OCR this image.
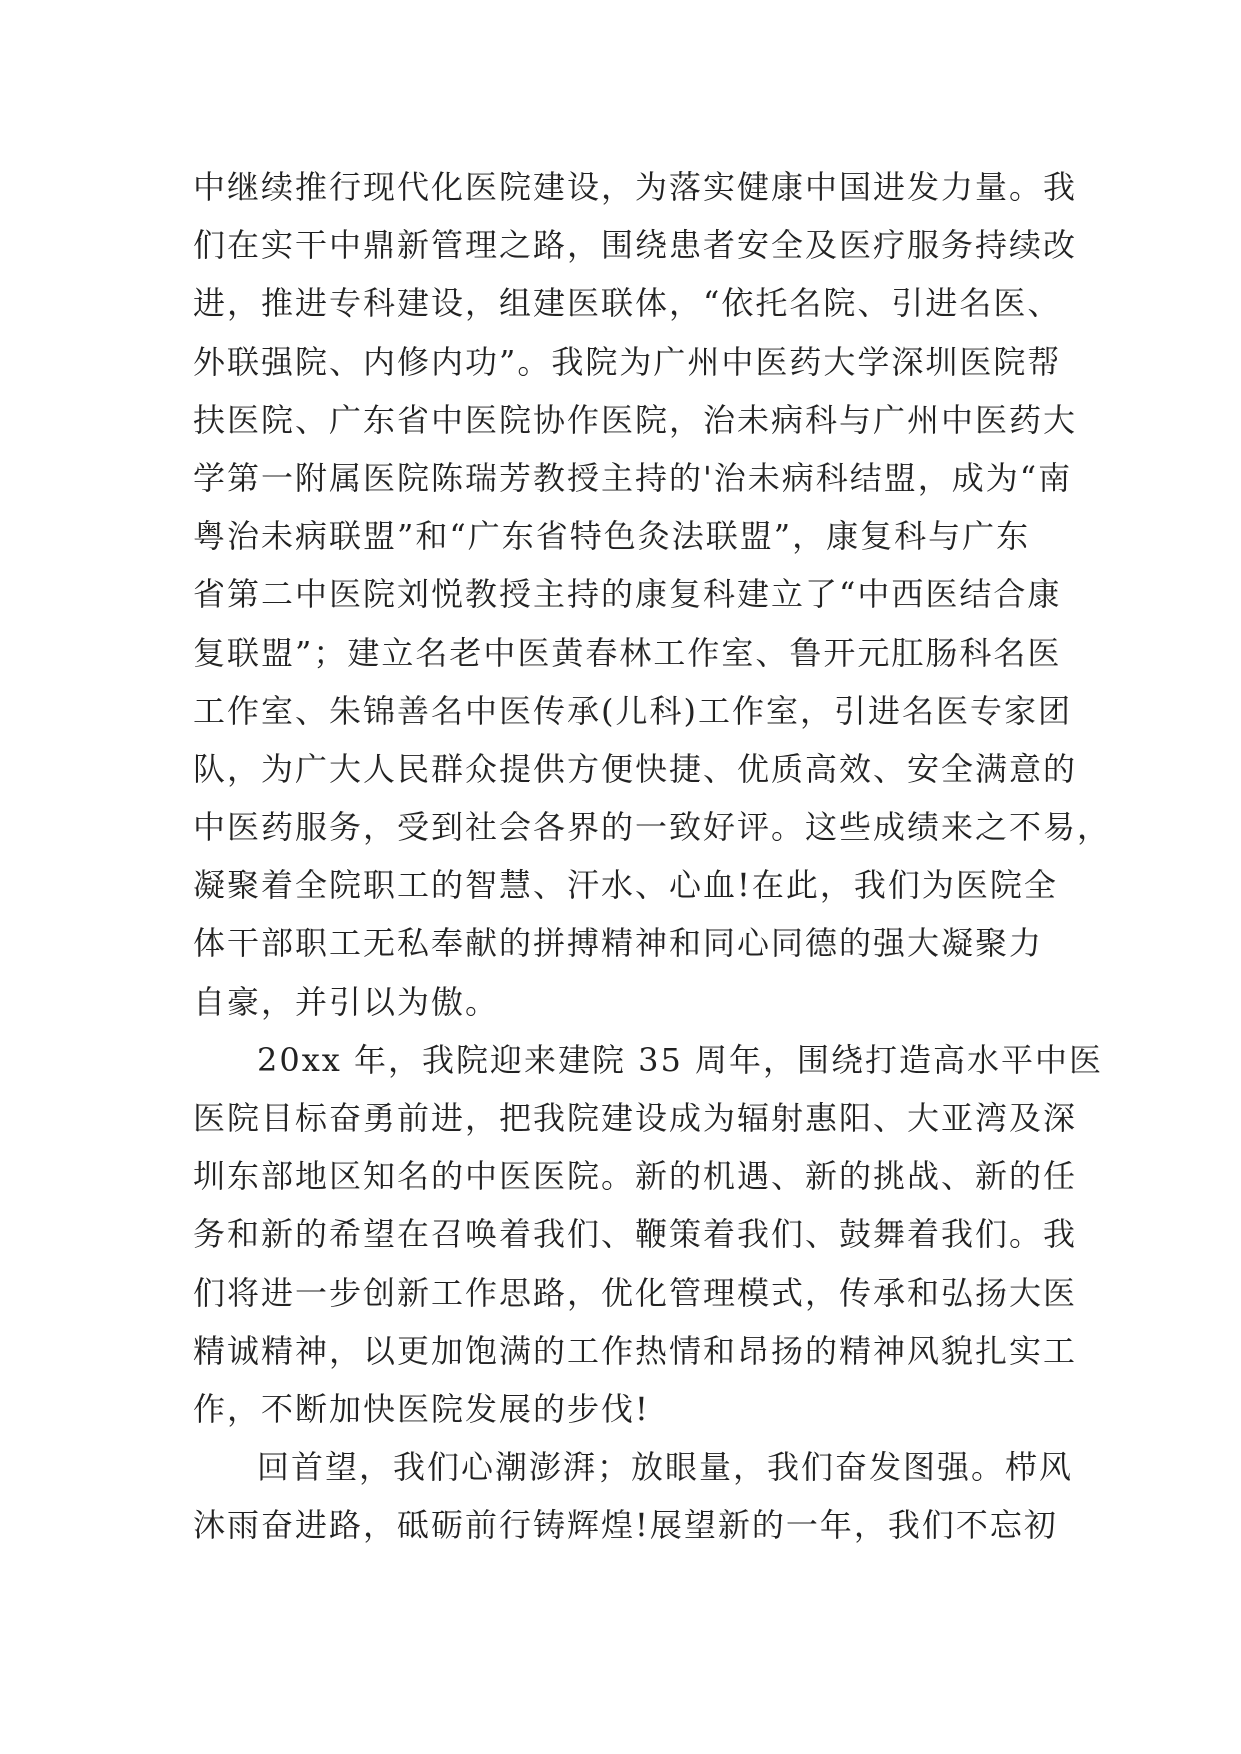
中继续推行现代化医院建设，为落实健康中国进发力量。我
们在实干中鼎新管理之路，围绕患者安全及医疗服务持续改
进，推进专科建设，组建医联体，“依托名院、引进名医、
外联强院、内修内功”。我院为广州中医药大学深圳医院帮
扶医院、广东省中医院协作医院，治未病科与广州中医药大
学第一附属医院陈瑞芳教授主持的'治未病科结盟，成为“南
粤治未病联盟”和“广东省特色灸法联盟”，康复科与广东
省第二中医院刘悦教授主持的康复科建立了“中西医结合康
复联盟”；建立名老中医黄春林工作室、鲁开元肛肠科名医
工作室、朱锦善名中医传承(儿科)工作室，引进名医专家团
队，为广大人民群众提供方便快捷、优质高效、安全满意的
中医药服务，受到社会各界的一致好评。这些成绩来之不易，
凝聚着全院职工的智慧、汗水、心血!在此，我们为医院全
体干部职工无私奉献的拼搏精神和同心同德的强大凝聚力
自豪，并引以为傲。
20xx 年，我院迎来建院 35 周年，围绕打造高水平中医
医院目标奋勇前进，把我院建设成为辐射惠阳、大亚湾及深
圳东部地区知名的中医医院。新的机遇、新的挑战、新的任
务和新的希望在召唤着我们、鞭策着我们、鼓舞着我们。我
们将进一步创新工作思路，优化管理模式，传承和弘扬大医
精诚精神，以更加饱满的工作热情和昂扬的精神风貌扎实工
作，不断加快医院发展的步伐!
回首望，我们心潮澎湃；放眼量，我们奋发图强。栉风
沐雨奋进路，砥砺前行铸辉煌!展望新的一年，我们不忘初
